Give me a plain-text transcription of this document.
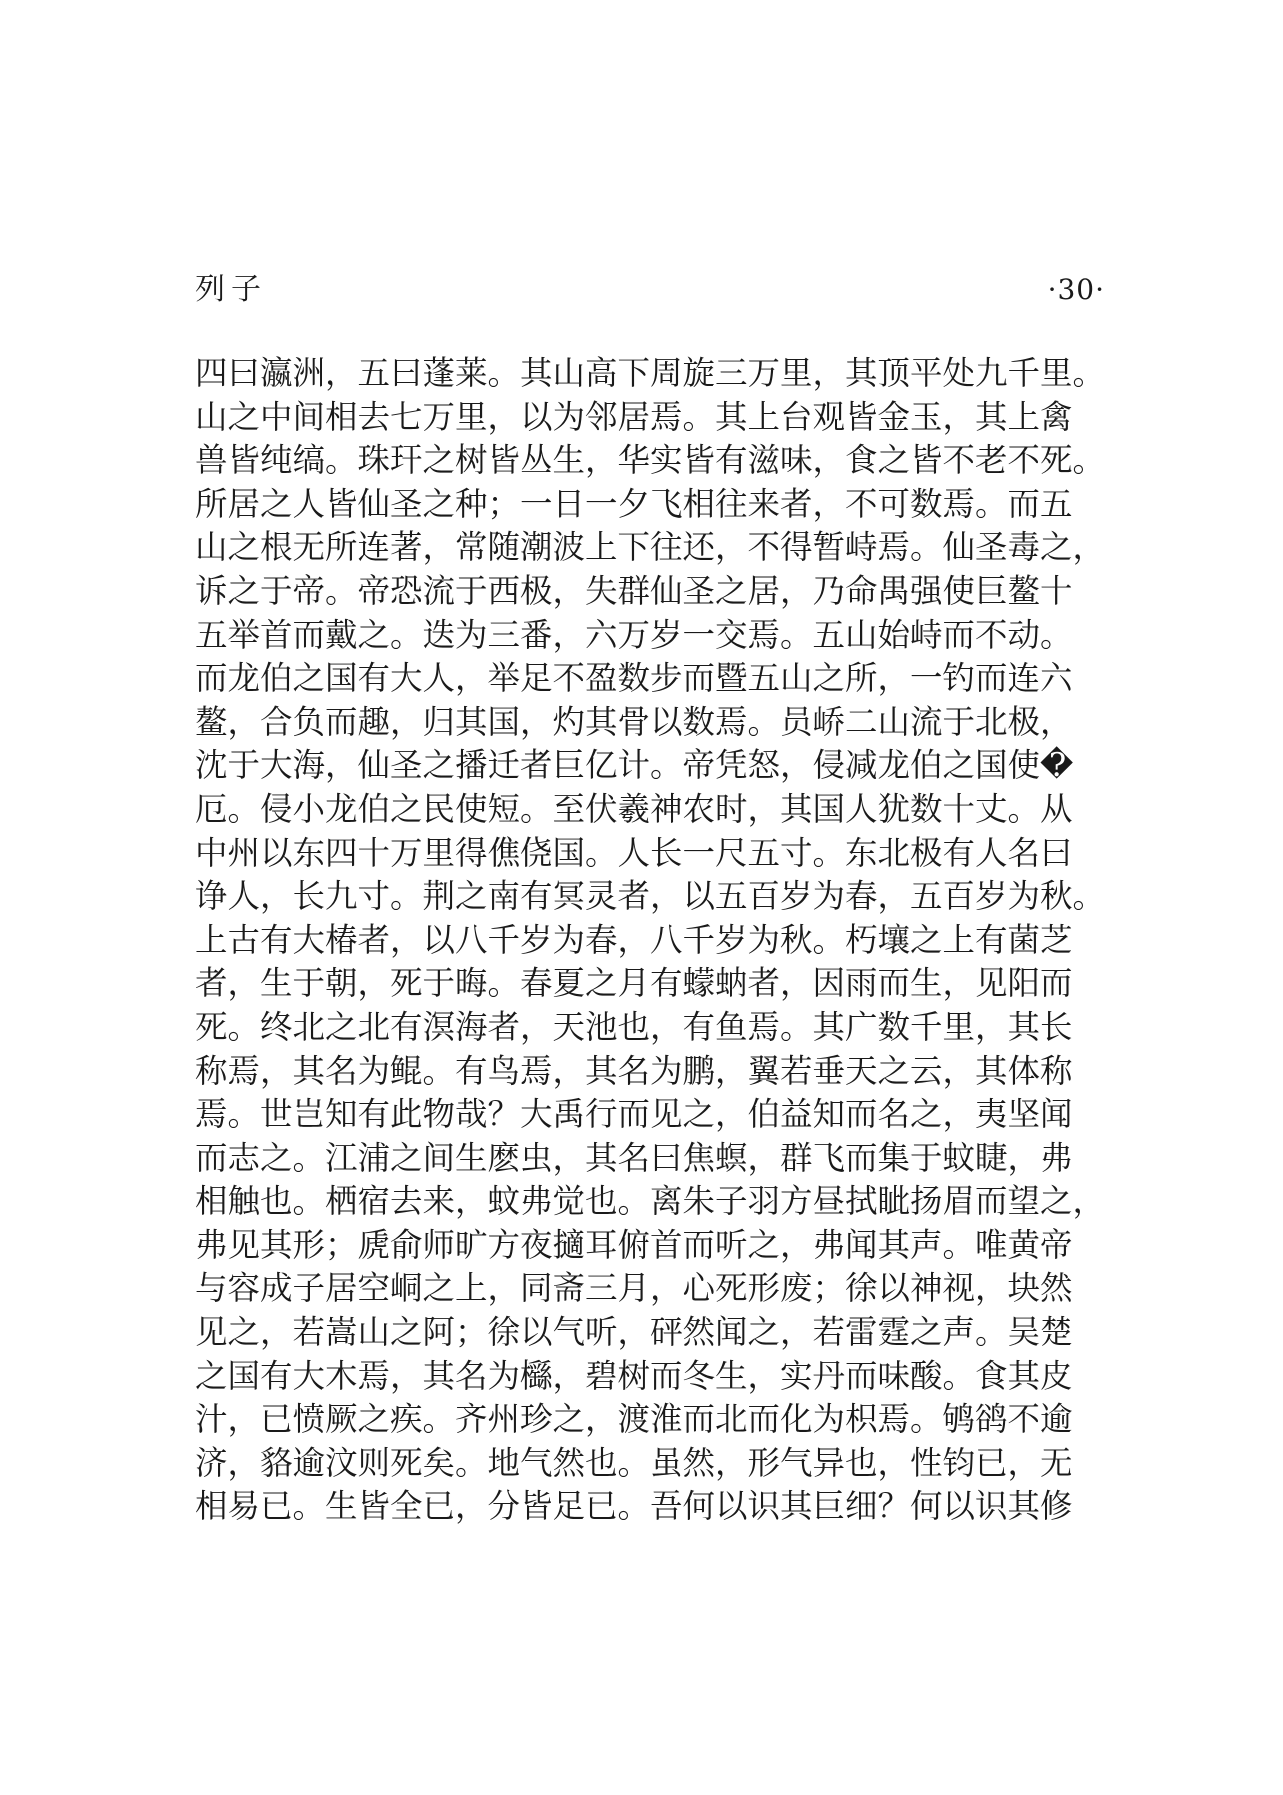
列子	·30·
四曰瀛洲，五曰蓬莱。其山高下周旋三万里，其顶平处九千里。
山之中间相去七万里，以为邻居焉。其上台观皆金玉，其上禽
兽皆纯缟。珠玕之树皆丛生，华实皆有滋味，食之皆不老不死。
所居之人皆仙圣之种；一日一夕飞相往来者，不可数焉。而五
山之根无所连著，常随潮波上下往还，不得暂峙焉。仙圣毒之，
诉之于帝。帝恐流于西极，失群仙圣之居，乃命禺强使巨鳌十
五举首而戴之。迭为三番，六万岁一交焉。五山始峙而不动。
而龙伯之国有大人，举足不盈数步而暨五山之所，一钓而连六
鳌，合负而趣，归其国，灼其骨以数焉。员峤二山流于北极，
沈于大海，仙圣之播迁者巨亿计。帝凭怒，侵减龙伯之国使�
厄。侵小龙伯之民使短。至伏羲神农时，其国人犹数十丈。从
中州以东四十万里得僬侥国。人长一尺五寸。东北极有人名曰
诤人，长九寸。荆之南有冥灵者，以五百岁为春，五百岁为秋。
上古有大椿者，以八千岁为春，八千岁为秋。朽壤之上有菌芝
者，生于朝，死于晦。春夏之月有蠓蚋者，因雨而生，见阳而
死。终北之北有溟海者，天池也，有鱼焉。其广数千里，其长
称焉，其名为鲲。有鸟焉，其名为鹏，翼若垂天之云，其体称
焉。世岂知有此物哉？大禹行而见之，伯益知而名之，夷坚闻
而志之。江浦之间生麽虫，其名曰焦螟，群飞而集于蚊睫，弗
相触也。栖宿去来，蚊弗觉也。离朱子羽方昼拭眦扬眉而望之，
弗见其形；虒俞师旷方夜擿耳俯首而听之，弗闻其声。唯黄帝
与容成子居空峒之上，同斋三月，心死形废；徐以神视，块然
见之，若嵩山之阿；徐以气听，砰然闻之，若雷霆之声。吴楚
之国有大木焉，其名为櫾，碧树而冬生，实丹而味酸。食其皮
汁，已愤厥之疾。齐州珍之，渡淮而北而化为枳焉。鸲鹆不逾
济，貉逾汶则死矣。地气然也。虽然，形气异也，性钧已，无
相易已。生皆全已，分皆足已。吾何以识其巨细？何以识其修
